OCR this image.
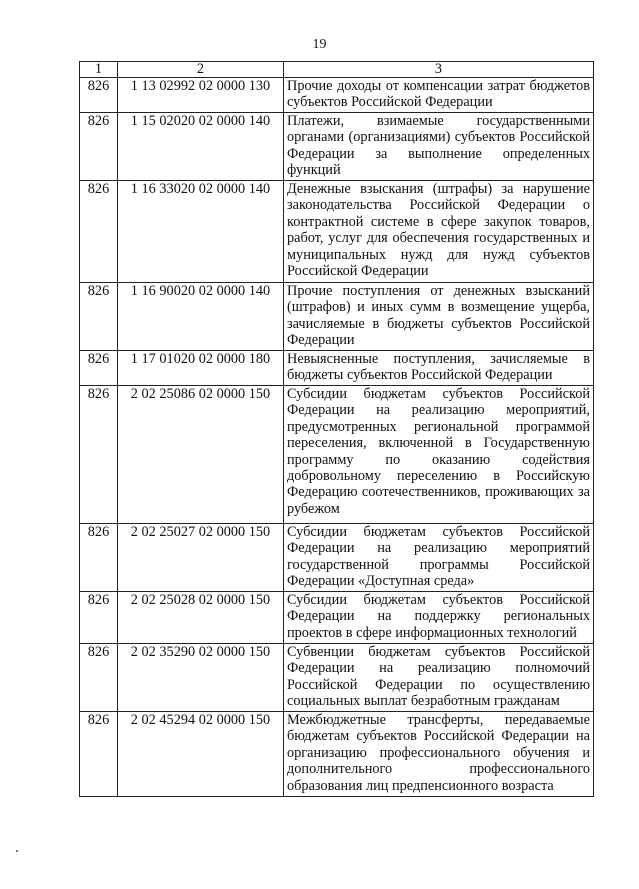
19
1	2	3
826	1 13 02992 02 0000 130	Прочие доходы от компенсации затрат бюджетов субъектов Российской Федерации
826	1 15 02020 02 0000 140	Платежи, взимаемые государственными органами (организациями) субъектов Российской Федерации за выполнение определенных функций
826	1 16 33020 02 0000 140	Денежные взыскания (штрафы) за нарушение законодательства Российской Федерации о контрактной системе в сфере закупок товаров, работ, услуг для обеспечения государственных и муниципальных нужд для нужд субъектов Российской Федерации
826	1 16 90020 02 0000 140	Прочие поступления от денежных взысканий (штрафов) и иных сумм в возмещение ущерба, зачисляемые в бюджеты субъектов Российской Федерации
826	1 17 01020 02 0000 180	Невыясненные поступления, зачисляемые в бюджеты субъектов Российской Федерации
826	2 02 25086 02 0000 150	Субсидии бюджетам субъектов Российской Федерации на реализацию мероприятий, предусмотренных региональной программой переселения, включенной в Государственную программу по оказанию содействия добровольному переселению в Российскую Федерацию соотечественников, проживающих за рубежом
826	2 02 25027 02 0000 150	Субсидии бюджетам субъектов Российской Федерации на реализацию мероприятий государственной программы Российской Федерации «Доступная среда»
826	2 02 25028 02 0000 150	Субсидии бюджетам субъектов Российской Федерации на поддержку региональных проектов в сфере информационных технологий
826	2 02 35290 02 0000 150	Субвенции бюджетам субъектов Российской Федерации на реализацию полномочий Российской Федерации по осуществлению социальных выплат безработным гражданам
826	2 02 45294 02 0000 150	Межбюджетные трансферты, передаваемые бюджетам субъектов Российской Федерации на организацию профессионального обучения и дополнительного профессионального образования лиц предпенсионного возраста
